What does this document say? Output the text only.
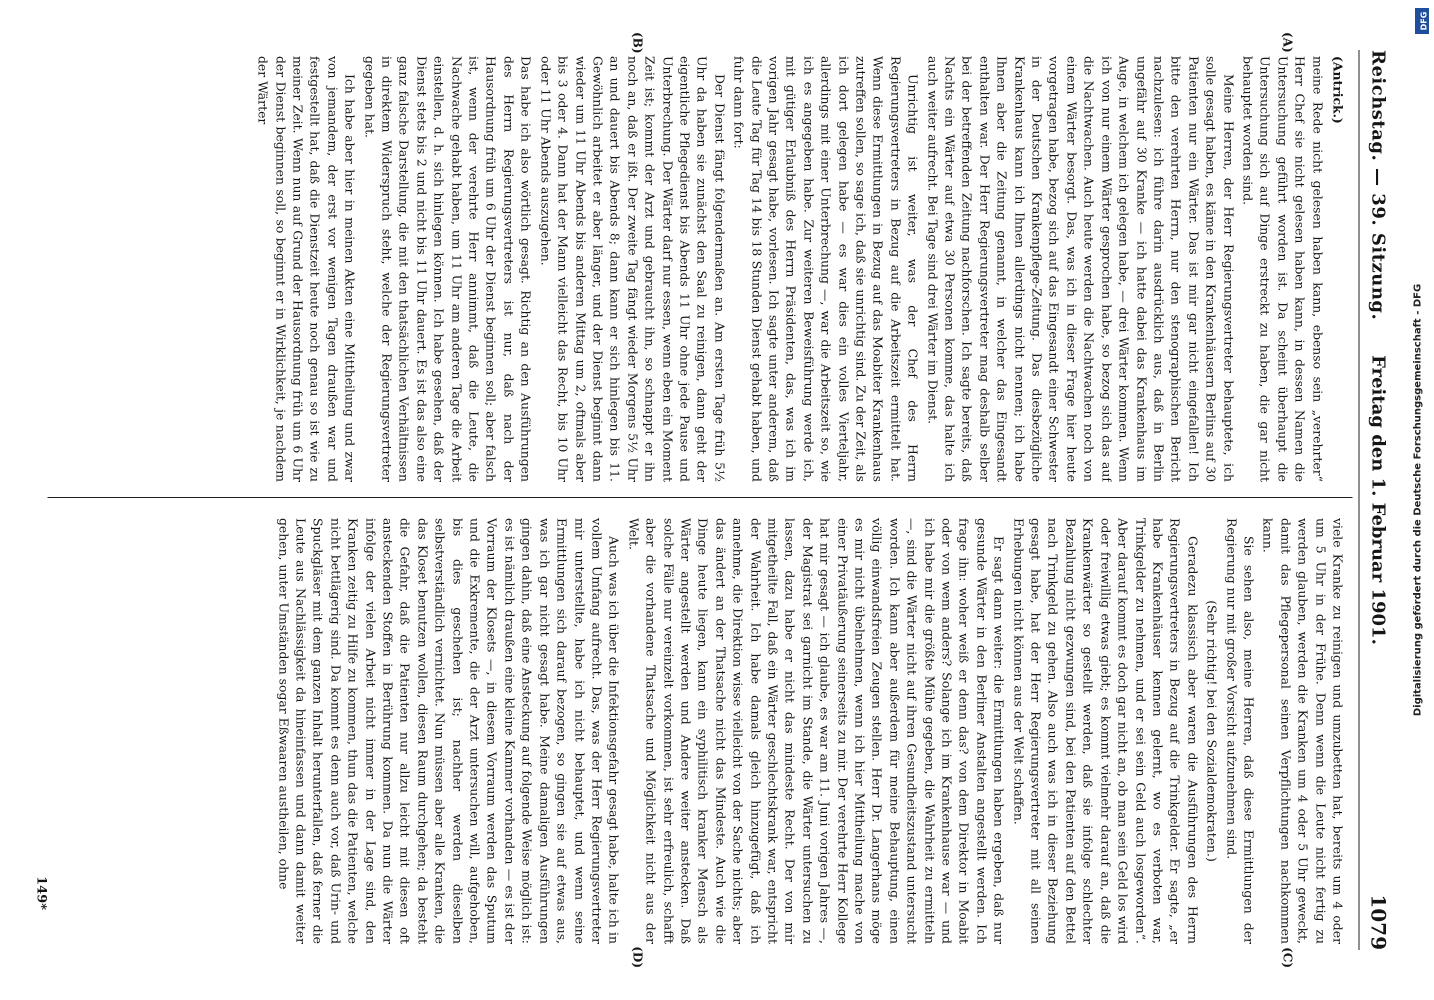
Reichstag. — 39. Sitzung.
Freitag den 1. Februar 1901.
1079
(A)
(B)
(C)
(D)
(Antrick.)

meine Rede nicht gelesen haben kann, ebenso sein „verehrter“ Herr Chef sie nicht gelesen haben kann, in dessen Namen die Untersuchung geführt worden ist. Da scheint überhaupt die Untersuchung sich auf Dinge erstreckt zu haben, die gar nicht behauptet worden sind.

Meine Herren, der Herr Regierungsvertreter behauptete, ich solle gesagt haben, es käme in den Krankenhäusern Berlins auf 30 Patienten nur ein Wärter. Das ist mir gar nicht eingefallen! Ich bitte den verehrten Herrn, nur den stenographischen Bericht nachzulesen: ich führe darin ausdrücklich aus, daß in Berlin ungefähr auf 30 Kranke — ich hatte dabei das Krankenhaus im Auge, in welchem ich gelegen habe, — drei Wärter kommen. Wenn ich von nur einem Wärter gesprochen habe, so bezog sich das auf die Nachtwachen. Auch heute werden die Nachtwachen noch von einem Wärter besorgt. Das, was ich in dieser Frage hier heute vorgetragen habe, bezog sich auf das Eingesandt einer Schwester in der Deutschen Krankenpflege-Zeitung. Das diesbezügliche Krankenhaus kann ich Ihnen allerdings nicht nennen; ich habe Ihnen aber die Zeitung genannt, in welcher das Eingesandt enthalten war. Der Herr Regierungsvertreter mag deshalb selber bei der betreffenden Zeitung nachforschen. Ich sagte bereits, daß Nachts ein Wärter auf etwa 30 Personen komme, das halte ich auch weiter aufrecht. Bei Tage sind drei Wärter im Dienst.

Unrichtig ist weiter, was der Chef des Herrn Regierungsvertreters in Bezug auf die Arbeitszeit ermittelt hat. Wenn diese Ermittlungen in Bezug auf das Moabiter Krankenhaus zutreffen sollen, so sage ich, daß sie unrichtig sind. Zu der Zeit, als ich dort gelegen habe — es war dies ein volles Vierteljahr, allerdings mit einer Unterbrechung —, war die Arbeitszeit so, wie ich es angegeben habe. Zur weiteren Beweisführung werde ich, mit gütiger Erlaubniß des Herrn Präsidenten, das, was ich im vorigen Jahr gesagt habe, vorlesen. Ich sagte unter anderem, daß die Leute Tag für Tag 14 bis 18 Stunden Dienst gehabt haben, und fuhr dann fort:

Der Dienst fängt folgendermaßen an. Am ersten Tage früh 5½ Uhr da haben sie zunächst den Saal zu reinigen, dann geht der eigentliche Pflegedienst bis Abends 11 Uhr ohne jede Pause und Unterbrechung. Der Wärter darf nur essen, wenn eben ein Moment Zeit ist; kommt der Arzt und gebraucht ihn, so schnappt er ihn noch an, daß er ißt. Der zweite Tag fängt wieder Morgens 5½ Uhr an und dauert bis Abends 8; dann kann er sich hinlegen bis 11. Gewöhnlich arbeitet er aber länger, und der Dienst beginnt dann wieder um 11 Uhr Abends bis anderen Mittag um 2, oftmals aber bis 3 oder 4. Dann hat der Mann vielleicht das Recht, bis 10 Uhr oder 11 Uhr Abends auszugehen.

Das habe ich also wörtlich gesagt. Richtig an den Ausführungen des Herrn Regierungsvertreters ist nur, daß nach der Hausordnung früh um 6 Uhr der Dienst beginnen soll; aber falsch ist, wenn der verehrte Herr annimmt, daß die Leute, die Nachwache gehabt haben, um 11 Uhr am anderen Tage die Arbeit einstellen, d. h. sich hinlegen können. Ich habe gesehen, daß der Dienst stets bis 2 und nicht bis 11 Uhr dauert. Es ist das also eine ganz falsche Darstellung, die mit den thatsächlichen Verhältnissen in direktem Widerspruch steht, welche der Regierungsvertreter gegeben hat.

Ich habe aber hier in meinen Akten eine Mittheilung und zwar von jemandem, der erst vor wenigen Tagen draußen war und festgestellt hat, daß die Dienstzeit heute noch genau so ist wie zu meiner Zeit. Wenn nun auf Grund der Hausordnung früh um 6 Uhr der Dienst beginnen soll, so beginnt er in Wirklichkeit, je nachdem der Wärter

viele Kranke zu reinigen und umzubetten hat, bereits um 4 oder um 5 Uhr in der Frühe. Denn wenn die Leute nicht fertig zu werden glauben, werden die Kranken um 4 oder 5 Uhr geweckt, damit das Pflegepersonal seinen Verpflichtungen nachkommen kann.

Sie sehen also, meine Herren, daß diese Ermittlungen der Regierung nur mit großer Vorsicht aufzunehmen sind.

(Sehr richtig! bei den Sozialdemokraten.)

Geradezu klassisch aber waren die Ausführungen des Herrn Regierungsvertreters in Bezug auf die Trinkgelder. Er sagte, „er habe Krankenhäuser kennen gelernt, wo es verboten war, Trinkgelder zu nehmen, und er sei sein Geld auch losgeworden“. Aber darauf kommt es doch gar nicht an, ob man sein Geld los wird oder freiwillig etwas giebt; es kommt vielmehr darauf an, daß die Krankenwärter so gestellt werden, daß sie infolge schlechter Bezahlung nicht gezwungen sind, bei den Patienten auf den Bettel nach Trinkgeld zu gehen. Also auch was ich in dieser Beziehung gesagt habe, hat der Herr Regierungsvertreter mit all seinen Erhebungen nicht können aus der Welt schaffen.

Er sagt dann weiter: die Ermittlungen haben ergeben, daß nur gesunde Wärter in den Berliner Anstalten angestellt werden. Ich frage ihn: woher weiß er denn das? von dem Direktor in Moabit oder von wem anders? Solange ich im Krankenhause war — und ich habe mir die größte Mühe gegeben, die Wahrheit zu ermitteln —, sind die Wärter nicht auf ihren Gesundheitszustand untersucht worden. Ich kann aber außerdem für meine Behauptung, einen völlig einwandsfreien Zeugen stellen. Herr Dr. Langerhans möge es mir nicht übelnehmen, wenn ich hier Mittheilung mache von einer Privatäußerung seinerseits zu mir. Der verehrte Herr Kollege hat mir gesagt — ich glaube, es war am 11. Juni vorigen Jahres —, der Magistrat sei garnicht im Stande, die Wärter untersuchen zu lassen, dazu habe er nicht das mindeste Recht. Der von mir mitgetheilte Fall, daß ein Wärter geschlechtskrank war, entspricht der Wahrheit. Ich habe damals gleich hinzugefügt, daß ich annehme, die Direktion wisse vielleicht von der Sache nichts; aber das ändert an der Thatsache nicht das Mindeste. Auch wie die Dinge heute liegen, kann ein syphilitisch kranker Mensch als Wärter angestellt werden und Andere weiter anstecken. Daß solche Fälle nur vereinzelt vorkommen, ist sehr erfreulich, schafft aber die vorhandene Thatsache und Möglichkeit nicht aus der Welt.

Auch was ich über die Infektionsgefahr gesagt habe, halte ich in vollem Umfang aufrecht. Das, was der Herr Regierungsvertreter mir unterstellte, habe ich nicht behauptet, und wenn seine Ermittlungen sich darauf bezogen, so gingen sie auf etwas aus, was ich gar nicht gesagt habe. Meine damaligen Ausführungen gingen dahin, daß eine Ansteckung auf folgende Weise möglich ist: es ist nämlich draußen eine kleine Kammer vorhanden — es ist der Vorraum der Klosets —, in diesem Vorraum werden das Sputum und die Exkremente, die der Arzt untersuchen will, aufgehoben, bis dies geschehen ist; nachher werden dieselben selbstverständlich vernichtet. Nun müssen aber alle Kranken, die das Kloset benutzen wollen, diesen Raum durchgehen; da besteht die Gefahr, daß die Patienten nur allzu leicht mit diesen oft ansteckenden Stoffen in Berührung kommen. Da nun die Wärter infolge der vielen Arbeit nicht immer in der Lage sind, den Kranken zeitig zu Hilfe zu kommen, thun das die Patienten, welche nicht bettlägerig sind. Da kommt es denn auch vor, daß Urin- und Spuckgläser mit dem ganzen Inhalt herunterfallen, daß ferner die Leute aus Nachlässigkeit da hineinfassen und dann damit weiter gehen, unter Umständen sogar Eßwaaren austheilen, ohne

149*
Digitalisierung gefördert durch die Deutsche Forschungsgemeinschaft - DFG
DFG
